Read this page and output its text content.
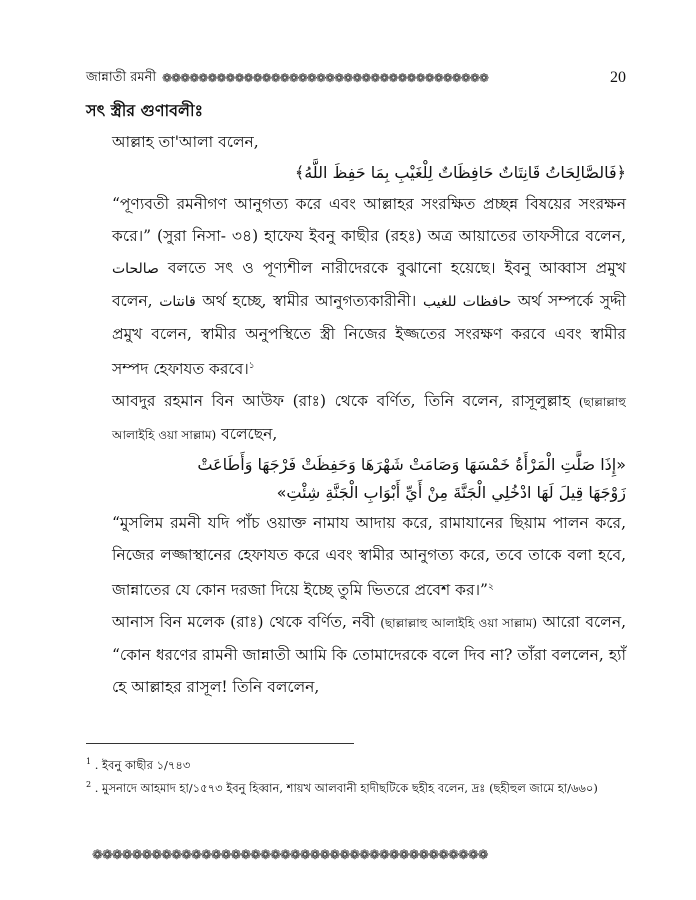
জান্নাতী রমনী ❁❁❁❁❁❁❁❁❁❁❁❁❁❁❁❁❁❁❁❁❁❁❁❁❁❁❁❁❁❁❁❁❁❁❁❁	20

সৎ স্ত্রীর গুণাবলীঃ

আল্লাহ তা'আলা বলেন,

﴿فَالصَّالِحَاتُ قَانِتَاتٌ حَافِظَاتٌ لِلْغَيْبِ بِمَا حَفِظَ اللَّهُ﴾

“পূণ্যবতী রমনীগণ আনুগত্য করে এবং আল্লাহর সংরক্ষিত প্রচ্ছন্ন বিষয়ের সংরক্ষন করে।” (সুরা নিসা- ৩৪) হাফেয ইবনু কাছীর (রহঃ) অত্র আয়াতের তাফসীরে বলেন, صالحات বলতে সৎ ও পূণ্যশীল নারীদেরকে বুঝানো হয়েছে। ইবনু আব্বাস প্রমুখ বলেন, قانتات অর্থ হচ্ছে, স্বামীর আনুগত্যকারীনী। حافظات للغيب অর্থ সম্পর্কে সুদ্দী প্রমুখ বলেন, স্বামীর অনুপস্থিতে স্ত্রী নিজের ইজ্জতের সংরক্ষণ করবে এবং স্বামীর সম্পদ হেফাযত করবে।$^১$

আবদুর রহমান বিন আউফ (রাঃ) থেকে বর্ণিত, তিনি বলেন, রাসূলুল্লাহ (ছাল্লাল্লাহু আলাইহি ওয়া সাল্লাম) বলেছেন,

«إِذَا صَلَّتِ الْمَرْأَةُ خَمْسَهَا وَصَامَتْ شَهْرَهَا وَحَفِظَتْ فَرْجَهَا وَأَطَاعَتْ

زَوْجَهَا قِيلَ لَهَا ادْخُلِي الْجَنَّةَ مِنْ أَيِّ أَبْوَابِ الْجَنَّةِ شِئْتِ»

“মুসলিম রমনী যদি পাঁচ ওয়াক্ত নামায আদায় করে, রামাযানের ছিয়াম পালন করে, নিজের লজ্জাস্থানের হেফাযত করে এবং স্বামীর আনুগত্য করে, তবে তাকে বলা হবে, জান্নাতের যে কোন দরজা দিয়ে ইচ্ছে তুমি ভিতরে প্রবেশ কর।”$^২$

আনাস বিন মলেক (রাঃ) থেকে বর্ণিত, নবী (ছাল্লাল্লাহু আলাইহি ওয়া সাল্লাম) আরো বলেন, “কোন ধরণের রামনী জান্নাতী আমি কি তোমাদেরকে বলে দিব না? তাঁরা বললেন, হ্যাঁ হে আল্লাহর রাসূল! তিনি বললেন,

$^1$ . ইবনু কাছীর ১/৭৪৩

$^2$ . মুসনাদে আহমাদ হা/১৫৭৩ ইবনু হিব্বান, শায়খ আলবানী হাদীছটিকে ছহীহ বলেন, দ্রঃ (ছহীহুল জামে হা/৬৬০)

❁❁❁❁❁❁❁❁❁❁❁❁❁❁❁❁❁❁❁❁❁❁❁❁❁❁❁❁❁❁❁❁❁❁❁❁❁❁❁❁
